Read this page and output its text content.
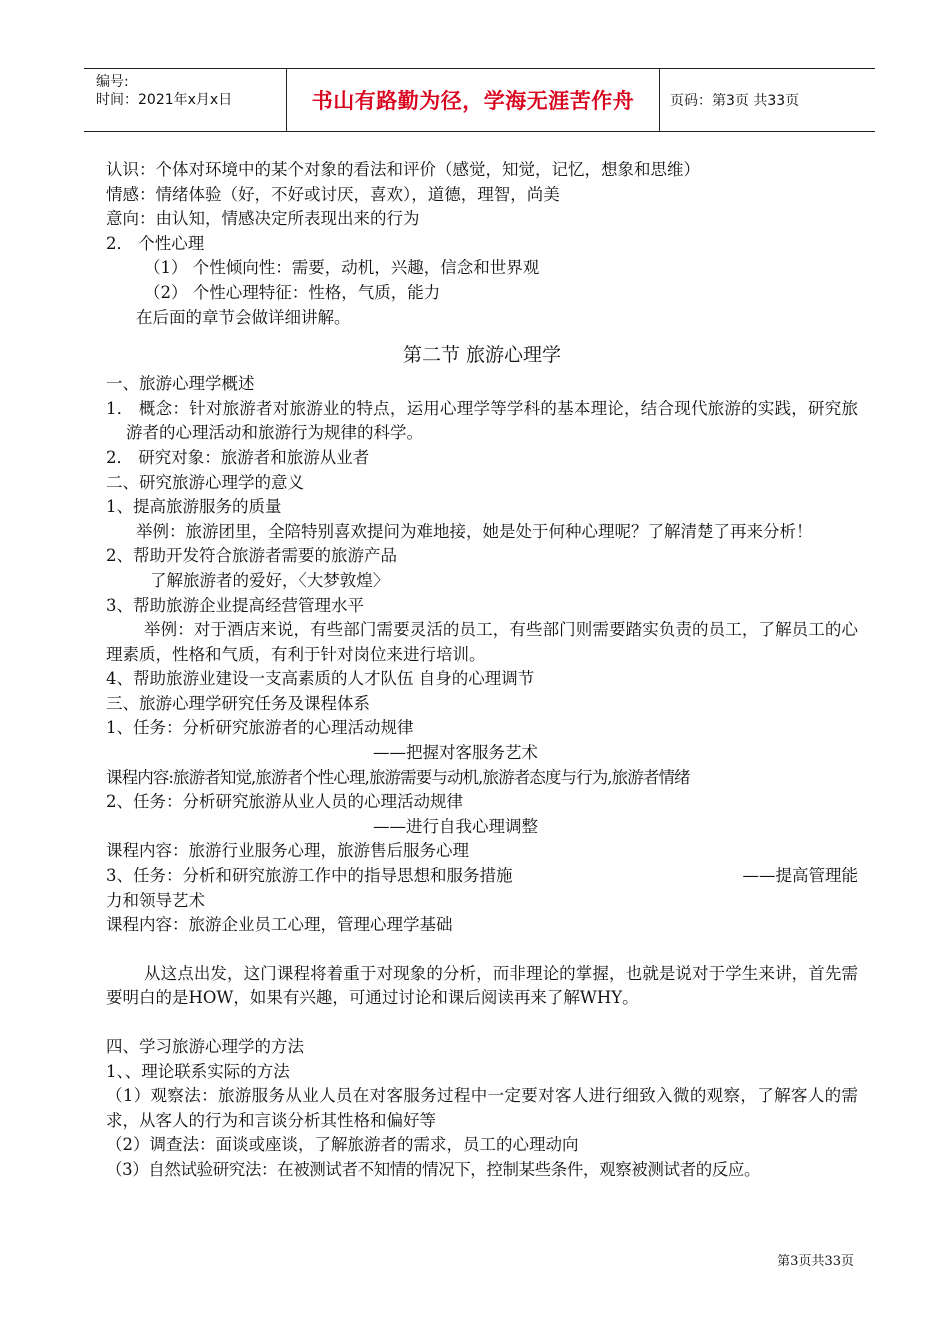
编号:
时间：2021年x月x日	书山有路勤为径，学海无涯苦作舟	页码：第3页 共33页

认识：个体对环境中的某个对象的看法和评价（感觉，知觉，记忆，想象和思维）

情感：情绪体验（好，不好或讨厌，喜欢），道德，理智，尚美

意向：由认知，情感决定所表现出来的行为

2． 个性心理

（1） 个性倾向性：需要，动机，兴趣，信念和世界观

（2） 个性心理特征：性格，气质，能力

在后面的章节会做详细讲解。

第二节 旅游心理学

一、旅游心理学概述

1． 概念：针对旅游者对旅游业的特点，运用心理学等学科的基本理论，结合现代旅游的实践，研究旅游者的心理活动和旅游行为规律的科学。

2． 研究对象：旅游者和旅游从业者

二、研究旅游心理学的意义

1、提高旅游服务的质量

举例：旅游团里，全陪特别喜欢提问为难地接，她是处于何种心理呢？了解清楚了再来分析！

2、帮助开发符合旅游者需要的旅游产品

了解旅游者的爱好，〈大梦敦煌〉

3、帮助旅游企业提高经营管理水平

举例：对于酒店来说，有些部门需要灵活的员工，有些部门则需要踏实负责的员工，了解员工的心理素质，性格和气质，有利于针对岗位来进行培训。

4、帮助旅游业建设一支高素质的人才队伍 自身的心理调节

三、旅游心理学研究任务及课程体系

1、任务：分析研究旅游者的心理活动规律

——把握对客服务艺术

课程内容:旅游者知觉,旅游者个性心理,旅游需要与动机,旅游者态度与行为,旅游者情绪

2、任务：分析研究旅游从业人员的心理活动规律

——进行自我心理调整

课程内容：旅游行业服务心理，旅游售后服务心理

3、任务：分析和研究旅游工作中的指导思想和服务措施	——提高管理能

力和领导艺术

课程内容：旅游企业员工心理，管理心理学基础

从这点出发，这门课程将着重于对现象的分析，而非理论的掌握，也就是说对于学生来讲，首先需要明白的是HOW，如果有兴趣，可通过讨论和课后阅读再来了解WHY。

四、学习旅游心理学的方法

1、、理论联系实际的方法

（1）观察法：旅游服务从业人员在对客服务过程中一定要对客人进行细致入微的观察，了解客人的需求，从客人的行为和言谈分析其性格和偏好等

（2）调查法：面谈或座谈，了解旅游者的需求，员工的心理动向

（3）自然试验研究法：在被测试者不知情的情况下，控制某些条件，观察被测试者的反应。

第3页共33页
